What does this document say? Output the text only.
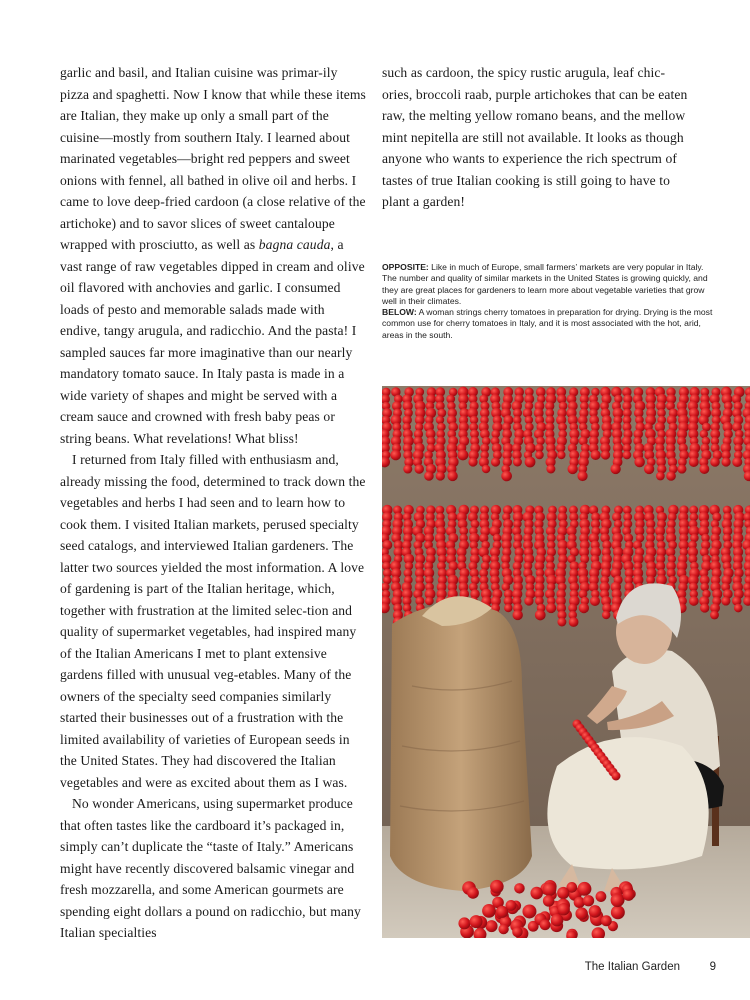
garlic and basil, and Italian cuisine was primar-ily pizza and spaghetti. Now I know that while these items are Italian, they make up only a small part of the cuisine—mostly from southern Italy. I learned about marinated vegetables—bright red peppers and sweet onions with fennel, all bathed in olive oil and herbs. I came to love deep-fried cardoon (a close relative of the artichoke) and to savor slices of sweet cantaloupe wrapped with prosciutto, as well as bagna cauda, a vast range of raw vegetables dipped in cream and olive oil flavored with anchovies and garlic. I consumed loads of pesto and memorable salads made with endive, tangy arugula, and radicchio. And the pasta! I sampled sauces far more imaginative than our nearly mandatory tomato sauce. In Italy pasta is made in a wide variety of shapes and might be served with a cream sauce and crowned with fresh baby peas or string beans. What revelations! What bliss!

I returned from Italy filled with enthusiasm and, already missing the food, determined to track down the vegetables and herbs I had seen and to learn how to cook them. I visited Italian markets, perused specialty seed catalogs, and interviewed Italian gardeners. The latter two sources yielded the most information. A love of gardening is part of the Italian heritage, which, together with frustration at the limited selec-tion and quality of supermarket vegetables, had inspired many of the Italian Americans I met to plant extensive gardens filled with unusual veg-etables. Many of the owners of the specialty seed companies similarly started their businesses out of a frustration with the limited availability of varieties of European seeds in the United States. They had discovered the Italian vegetables and were as excited about them as I was.

No wonder Americans, using supermarket produce that often tastes like the cardboard it’s packaged in, simply can’t duplicate the “taste of Italy.” Americans might have recently discovered balsamic vinegar and fresh mozzarella, and some American gourmets are spending eight dollars a pound on radicchio, but many Italian specialties

such as cardoon, the spicy rustic arugula, leaf chic-ories, broccoli raab, purple artichokes that can be eaten raw, the melting yellow romano beans, and the mellow mint nepitella are still not available. It looks as though anyone who wants to experience the rich spectrum of tastes of true Italian cooking is still going to have to plant a garden!

OPPOSITE: Like in much of Europe, small farmers’ markets are very popular in Italy. The number and quality of similar markets in the United States is growing quickly, and they are great places for gardeners to learn more about vegetable varieties that grow well in their climates.

BELOW: A woman strings cherry tomatoes in preparation for drying. Drying is the most common use for cherry tomatoes in Italy, and it is most associated with the hot, arid, areas in the south.

The Italian Garden	9
